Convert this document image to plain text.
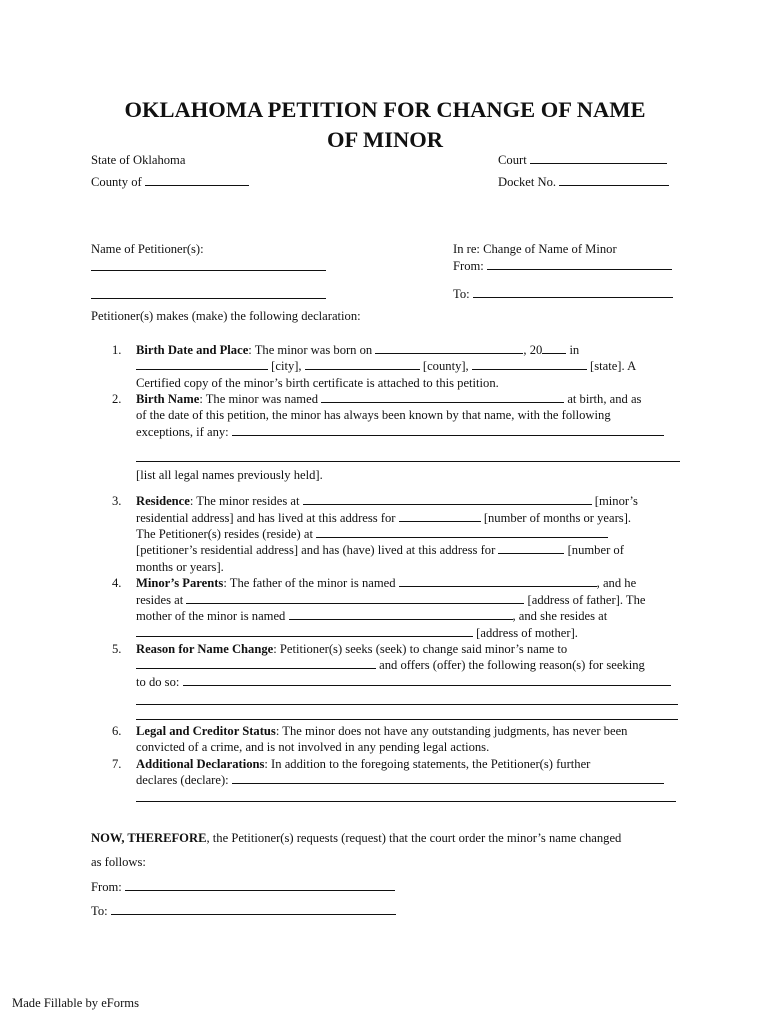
OKLAHOMA PETITION FOR CHANGE OF NAME
OF MINOR
State of Oklahoma
County of
Court
Docket No.
Name of Petitioner(s):	In re: Change of Name of Minor
From:
To:
Petitioner(s) makes (make) the following declaration:
1. Birth Date and Place: The minor was born on	, 20 in
[city],	[county],	[state]. A
Certified copy of the minor’s birth certificate is attached to this petition.
2. Birth Name: The minor was named	at birth, and as
of the date of this petition, the minor has always been known by that name, with the following
exceptions, if any:
[list all legal names previously held].
3. Residence: The minor resides at	[minor’s
residential address] and has lived at this address for	[number of months or years].
The Petitioner(s) resides (reside) at
[petitioner’s residential address] and has (have) lived at this address for	[number of
months or years].
4. Minor’s Parents: The father of the minor is named	, and he
resides at	[address of father]. The
mother of the minor is named	, and she resides at
[address of mother].
5. Reason for Name Change: Petitioner(s) seeks (seek) to change said minor’s name to
and offers (offer) the following reason(s) for seeking
to do so:
6. Legal and Creditor Status: The minor does not have any outstanding judgments, has never been
convicted of a crime, and is not involved in any pending legal actions.
7. Additional Declarations: In addition to the foregoing statements, the Petitioner(s) further
declares (declare):
NOW, THEREFORE, the Petitioner(s) requests (request) that the court order the minor’s name changed
as follows:
From:
To:
Made Fillable by eForms
